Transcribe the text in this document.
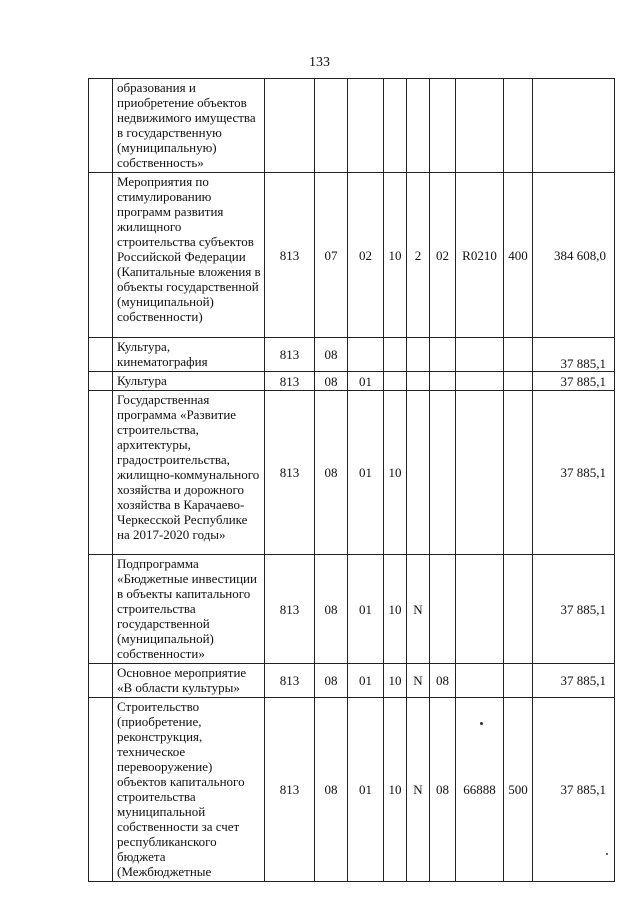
133
	образования и приобретение объектов недвижимого имущества в государственную (муниципальную) собственность»									
	Мероприятия по стимулированию программ развития жилищного строительства субъектов Российской Федерации (Капитальные вложения в объекты государственной (муниципальной) собственности)	813	07	02	10	2	02	R0210	400	384 608,0
	Культура, кинематография	813	08							37 885,1
	Культура	813	08	01						37 885,1
	Государственная программа «Развитие строительства, архитектуры, градостроительства, жилищно-коммунального хозяйства и дорожного хозяйства в Карачаево-Черкесской Республике на 2017-2020 годы»	813	08	01	10					37 885,1
	Подпрограмма «Бюджетные инвестиции в объекты капитального строительства государственной (муниципальной) собственности»	813	08	01	10	N				37 885,1
	Основное мероприятие «В области культуры»	813	08	01	10	N	08			37 885,1
	Строительство (приобретение, реконструкция, техническое перевооружение) объектов капитального строительства муниципальной собственности за счет республиканского бюджета (Межбюджетные	813	08	01	10	N	08	66888	500	37 885,1
